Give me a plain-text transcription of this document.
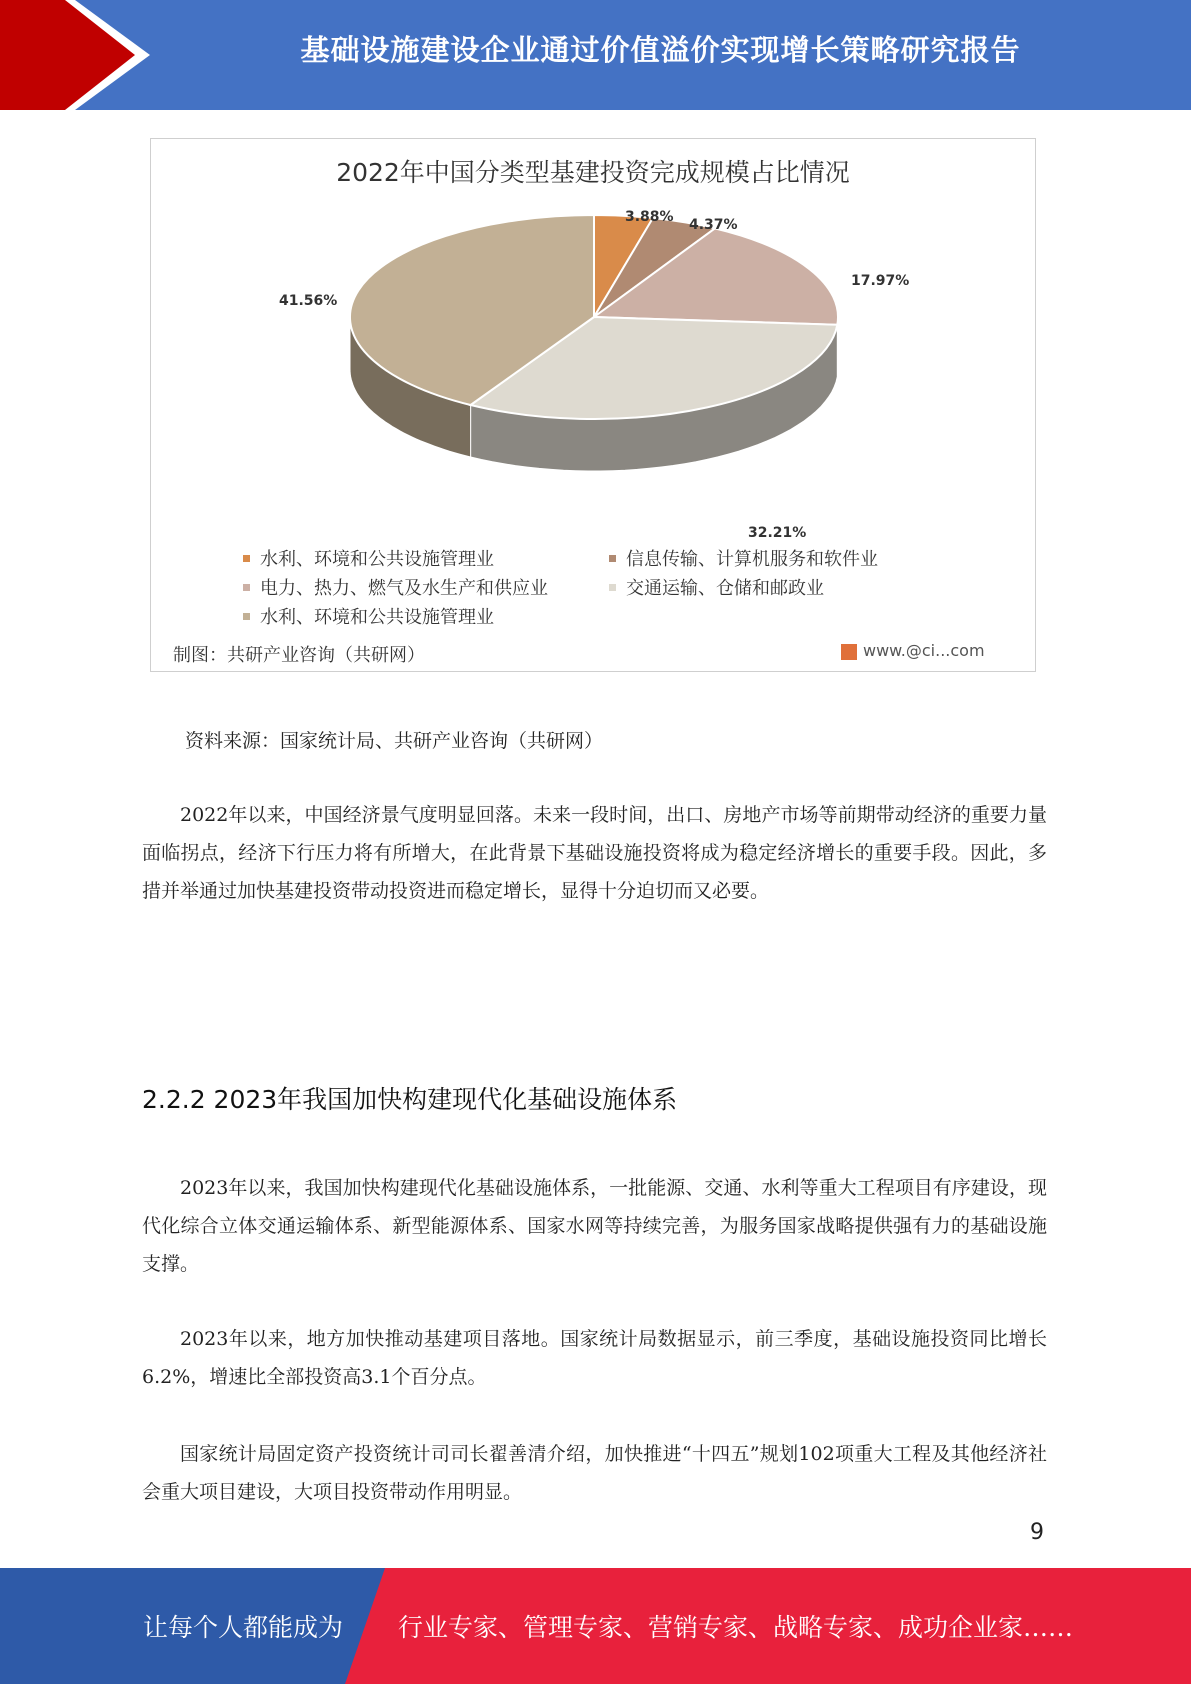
基础设施建设企业通过价值溢价实现增长策略研究报告
2022年中国分类型基建投资完成规模占比情况
3.88% 4.37%
17.97%
32.21%
41.56%
水利、环境和公共设施管理业	信息传输、计算机服务和软件业
电力、热力、燃气及水生产和供应业	交通运输、仓储和邮政业
水利、环境和公共设施管理业
制图：共研产业咨询（共研网）	www.@ci...com
资料来源：国家统计局、共研产业咨询（共研网）

2022年以来，中国经济景气度明显回落。未来一段时间，出口、房地产市场等前期带动经济的重要力量面临拐点，经济下行压力将有所增大，在此背景下基础设施投资将成为稳定经济增长的重要手段。因此，多措并举通过加快基建投资带动投资进而稳定增长，显得十分迫切而又必要。

2.2.2 2023年我国加快构建现代化基础设施体系

2023年以来，我国加快构建现代化基础设施体系，一批能源、交通、水利等重大工程项目有序建设，现代化综合立体交通运输体系、新型能源体系、国家水网等持续完善，为服务国家战略提供强有力的基础设施支撑。

2023年以来，地方加快推动基建项目落地。国家统计局数据显示，前三季度，基础设施投资同比增长6.2%，增速比全部投资高3.1个百分点。

国家统计局固定资产投资统计司司长翟善清介绍，加快推进“十四五”规划102项重大工程及其他经济社会重大项目建设，大项目投资带动作用明显。

9
让每个人都能成为 行业专家、管理专家、营销专家、战略专家、成功企业家……
